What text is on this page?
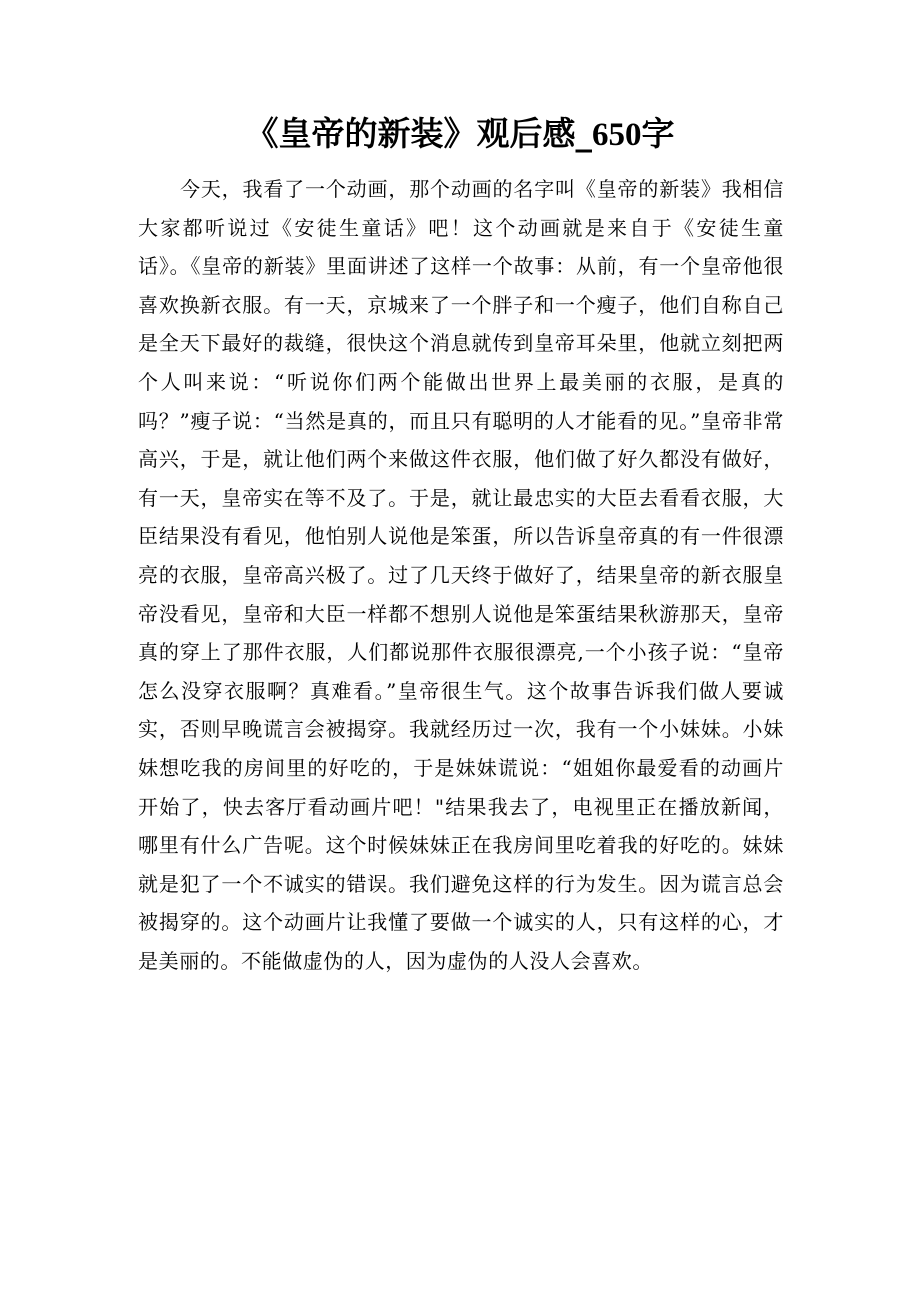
《皇帝的新装》观后感_650字

今天，我看了一个动画，那个动画的名字叫《皇帝的新装》我相信大家都听说过《安徒生童话》吧！这个动画就是来自于《安徒生童话》。《皇帝的新装》里面讲述了这样一个故事：从前，有一个皇帝他很喜欢换新衣服。有一天，京城来了一个胖子和一个瘦子，他们自称自己是全天下最好的裁缝，很快这个消息就传到皇帝耳朵里，他就立刻把两个人叫来说：“听说你们两个能做出世界上最美丽的衣服，是真的吗？”瘦子说：“当然是真的，而且只有聪明的人才能看的见。”皇帝非常高兴，于是，就让他们两个来做这件衣服，他们做了好久都没有做好，有一天，皇帝实在等不及了。于是，就让最忠实的大臣去看看衣服，大臣结果没有看见，他怕别人说他是笨蛋，所以告诉皇帝真的有一件很漂亮的衣服，皇帝高兴极了。过了几天终于做好了，结果皇帝的新衣服皇帝没看见，皇帝和大臣一样都不想别人说他是笨蛋结果秋游那天，皇帝真的穿上了那件衣服，人们都说那件衣服很漂亮,一个小孩子说：“皇帝怎么没穿衣服啊？真难看。”皇帝很生气。这个故事告诉我们做人要诚实，否则早晚谎言会被揭穿。我就经历过一次，我有一个小妹妹。小妹妹想吃我的房间里的好吃的，于是妹妹谎说：“姐姐你最爱看的动画片开始了，快去客厅看动画片吧！"结果我去了，电视里正在播放新闻，哪里有什么广告呢。这个时候妹妹正在我房间里吃着我的好吃的。妹妹就是犯了一个不诚实的错误。我们避免这样的行为发生。因为谎言总会被揭穿的。这个动画片让我懂了要做一个诚实的人，只有这样的心，才是美丽的。不能做虚伪的人，因为虚伪的人没人会喜欢。
